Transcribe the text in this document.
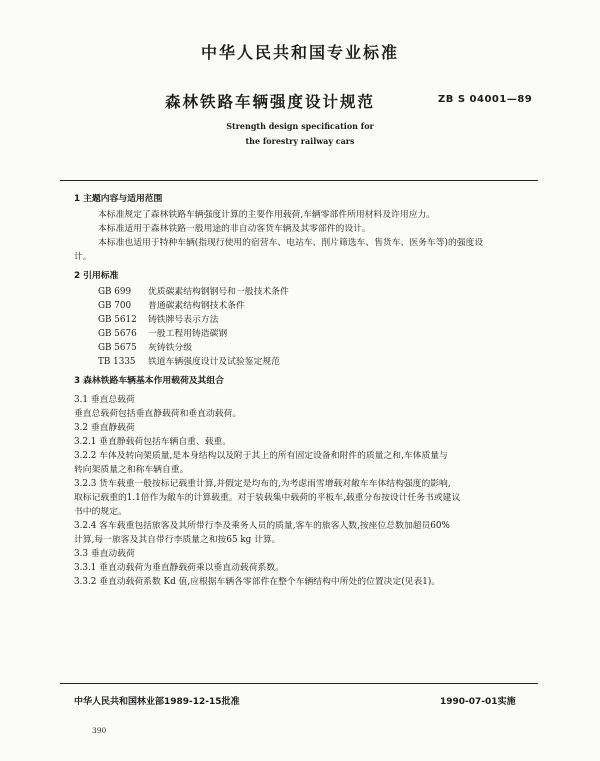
中华人民共和国专业标准
森林铁路车辆强度设计规范	ZB S 04001—89
Strength design specification for
the forestry railway cars
1 主题内容与适用范围
本标准规定了森林铁路车辆强度计算的主要作用载荷,车辆零部件所用材料及许用应力。
本标准适用于森林铁路一般用途的非自动客货车辆及其零部件的设计。
本标准也适用于特种车辆(指现行使用的宿营车、电站车、削片筛选车、售货车、医务车等)的强度设
计。
2 引用标准
GB 699 优质碳素结构钢钢号和一般技术条件
GB 700 普通碳素结构钢技术条件
GB 5612 铸铁牌号表示方法
GB 5676 一般工程用铸造碳钢
GB 5675 灰铸铁分级
TB 1335 铁道车辆强度设计及试验鉴定规范
3 森林铁路车辆基本作用载荷及其组合
3.1 垂直总载荷
垂直总载荷包括垂直静载荷和垂直动载荷。
3.2 垂直静载荷
3.2.1 垂直静载荷包括车辆自重、载重。
3.2.2 车体及转向架质量,是本身结构以及附于其上的所有固定设备和附件的质量之和,车体质量与
转向架质量之和称车辆自重。
3.2.3 货车载重一般按标记载重计算,并假定是均布的,为考虑雨雪增载对敞车车体结构强度的影响,
取标记载重的1.1倍作为敞车的计算载重。对于装载集中载荷的平板车,载重分布按设计任务书或建议
书中的规定。
3.2.4 客车载重包括旅客及其所带行李及乘务人员的质量,客车的旅客人数,按座位总数加超员60%
计算,每一旅客及其自带行李质量之和按65 kg 计算。
3.3 垂直动载荷
3.3.1 垂直动载荷为垂直静载荷乘以垂直动载荷系数。
3.3.2 垂直动载荷系数 Kd 值,应根据车辆各零部件在整个车辆结构中所处的位置决定(见表1)。
中华人民共和国林业部1989-12-15批准	1990-07-01实施
390
